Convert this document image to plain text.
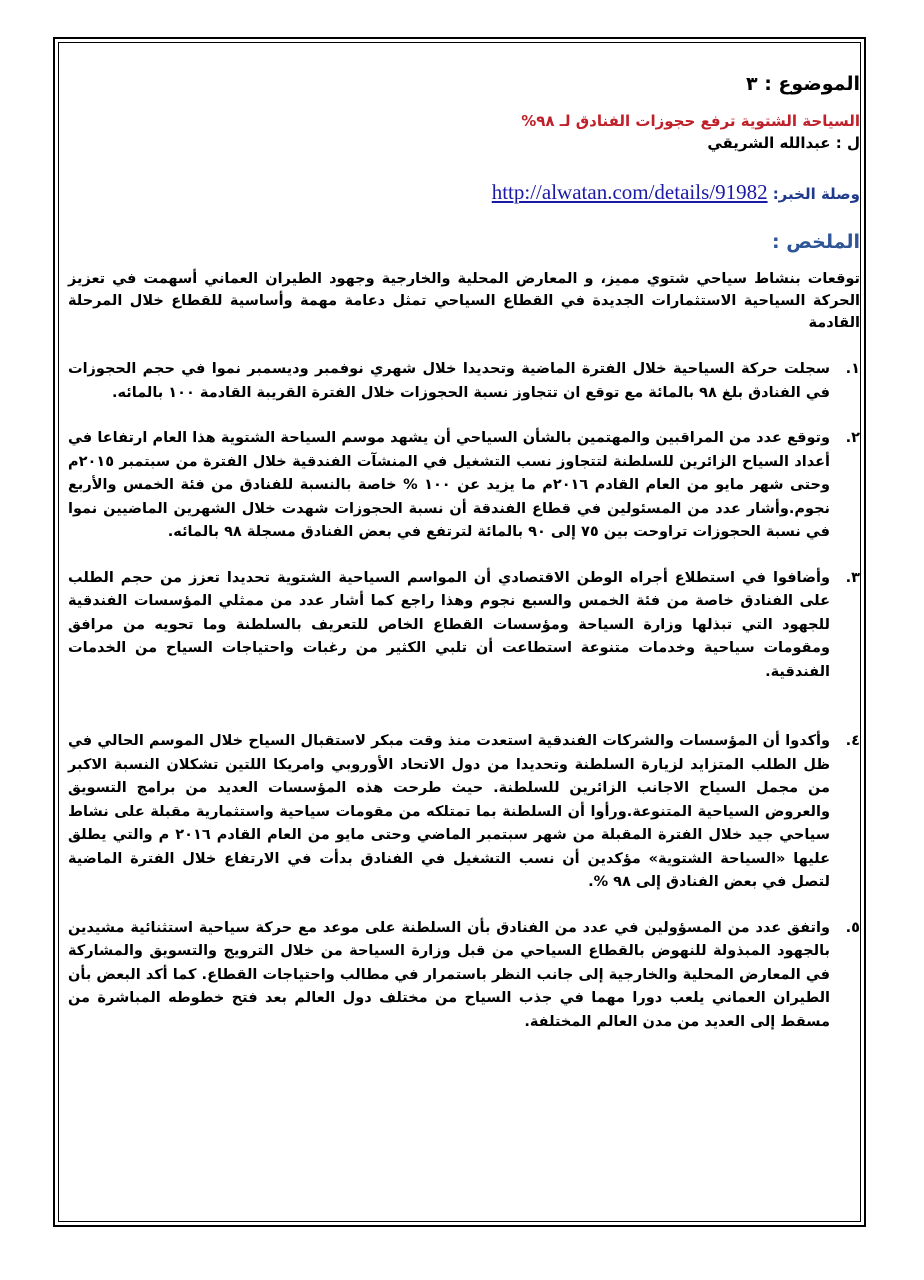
الموضوع : ٣
السياحة الشتوية ترفع حجوزات الفنادق لـ ٩٨%
ل : عبدالله الشريقي
وصلة الخبر: http://alwatan.com/details/91982
الملخص :
توقعات بنشاط سياحي شتوي مميز، و المعارض المحلية والخارجية وجهود الطيران العماني أسهمت في تعزيز الحركة السياحية الاستثمارات الجديدة في القطاع السياحي تمثل دعامة مهمة وأساسية للقطاع خلال المرحلة القادمة
١.
سجلت حركة السياحية خلال الفترة الماضية وتحديدا خلال شهري نوفمبر وديسمبر نموا في حجم الحجوزات في الفنادق بلغ ٩٨ بالمائة مع توقع ان تتجاوز نسبة الحجوزات خلال الفترة القريبة القادمة ١٠٠ بالمائه.
٢.
وتوقع عدد من المراقبين والمهتمين بالشأن السياحي أن يشهد موسم السياحة الشتوية هذا العام ارتفاعا في أعداد السياح الزائرين للسلطنة لتتجاوز نسب التشغيل في المنشآت الفندقية خلال الفترة من سبتمبر ٢٠١٥م وحتى شهر مايو من العام القادم ٢٠١٦م ما يزيد عن ١٠٠ % خاصة بالنسبة للفنادق من فئة الخمس والأربع نجوم.وأشار عدد من المسئولين في قطاع الفندقة أن نسبة الحجوزات شهدت خلال الشهرين الماضيين نموا في نسبة الحجوزات تراوحت بين ٧٥ إلى ٩٠ بالمائة لترتفع في بعض الفنادق مسجلة ٩٨ بالمائه.
٣.
وأضافوا في استطلاع أجراه الوطن الاقتصادي أن المواسم السياحية الشتوية تحديدا تعزز من حجم الطلب على الفنادق خاصة من فئة الخمس والسبع نجوم وهذا راجع كما أشار عدد من ممثلي المؤسسات الفندقية للجهود التي تبذلها وزارة السياحة ومؤسسات القطاع الخاص للتعريف بالسلطنة وما تحويه من مرافق ومقومات سياحية وخدمات متنوعة استطاعت أن تلبي الكثير من رغبات واحتياجات السياح من الخدمات الفندقية.
٤.
وأكدوا أن المؤسسات والشركات الفندقية استعدت منذ وقت مبكر لاستقبال السياح خلال الموسم الحالي في ظل الطلب المتزايد لزيارة السلطنة وتحديدا من دول الاتحاد الأوروبي وامريكا اللتين تشكلان النسبة الاكبر من مجمل السياح الاجانب الزائرين للسلطنة. حيث طرحت هذه المؤسسات العديد من برامج التسويق والعروض السياحية المتنوعة.ورأوا أن السلطنة بما تمتلكه من مقومات سياحية واستثمارية مقبلة على نشاط سياحي جيد خلال الفترة المقبلة من شهر سبتمبر الماضي وحتى مايو من العام القادم ٢٠١٦ م والتي يطلق عليها «السياحة الشتوية» مؤكدين أن نسب التشغيل في الفنادق بدأت في الارتفاع خلال الفترة الماضية لتصل في بعض الفنادق إلى ٩٨ %.
٥.
واتفق عدد من المسؤولين في عدد من الفنادق بأن السلطنة على موعد مع حركة سياحية استثنائية مشيدين بالجهود المبذولة للنهوض بالقطاع السياحي من قبل وزارة السياحة من خلال الترويج والتسويق والمشاركة في المعارض المحلية والخارجية إلى جانب النظر باستمرار في مطالب واحتياجات القطاع. كما أكد البعض بأن الطيران العماني يلعب دورا مهما في جذب السياح من مختلف دول العالم بعد فتح خطوطه المباشرة من مسقط إلى العديد من مدن العالم المختلفة.
